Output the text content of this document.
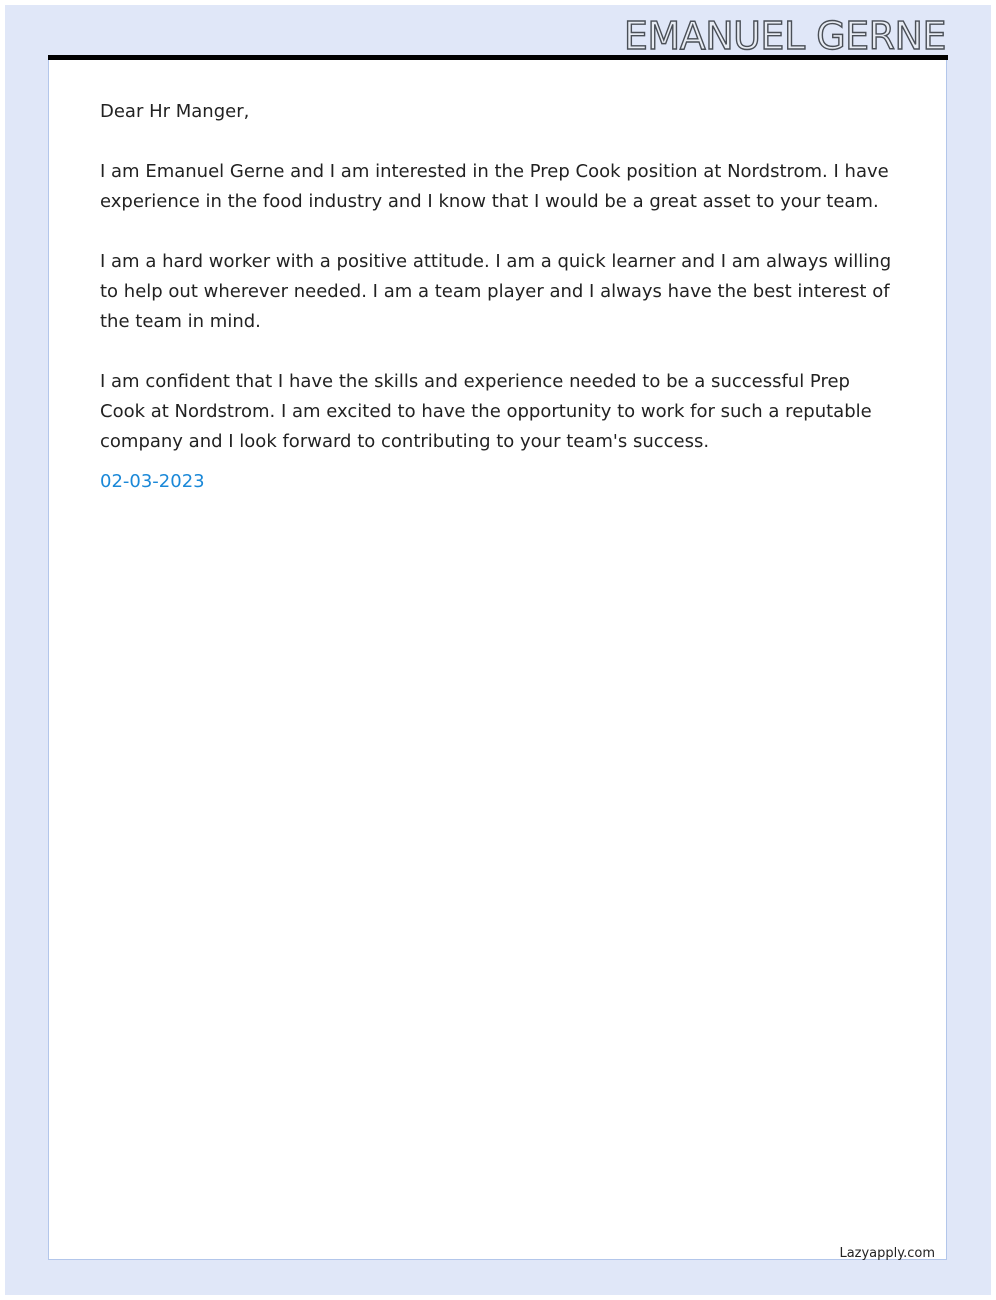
EMANUEL GERNE

Dear Hr Manger,

I am Emanuel Gerne and I am interested in the Prep Cook position at Nordstrom. I have experience in the food industry and I know that I would be a great asset to your team.

I am a hard worker with a positive attitude. I am a quick learner and I am always willing to help out wherever needed. I am a team player and I always have the best interest of the team in mind.

I am confident that I have the skills and experience needed to be a successful Prep Cook at Nordstrom. I am excited to have the opportunity to work for such a reputable company and I look forward to contributing to your team's success.

02-03-2023
Lazyapply.com
